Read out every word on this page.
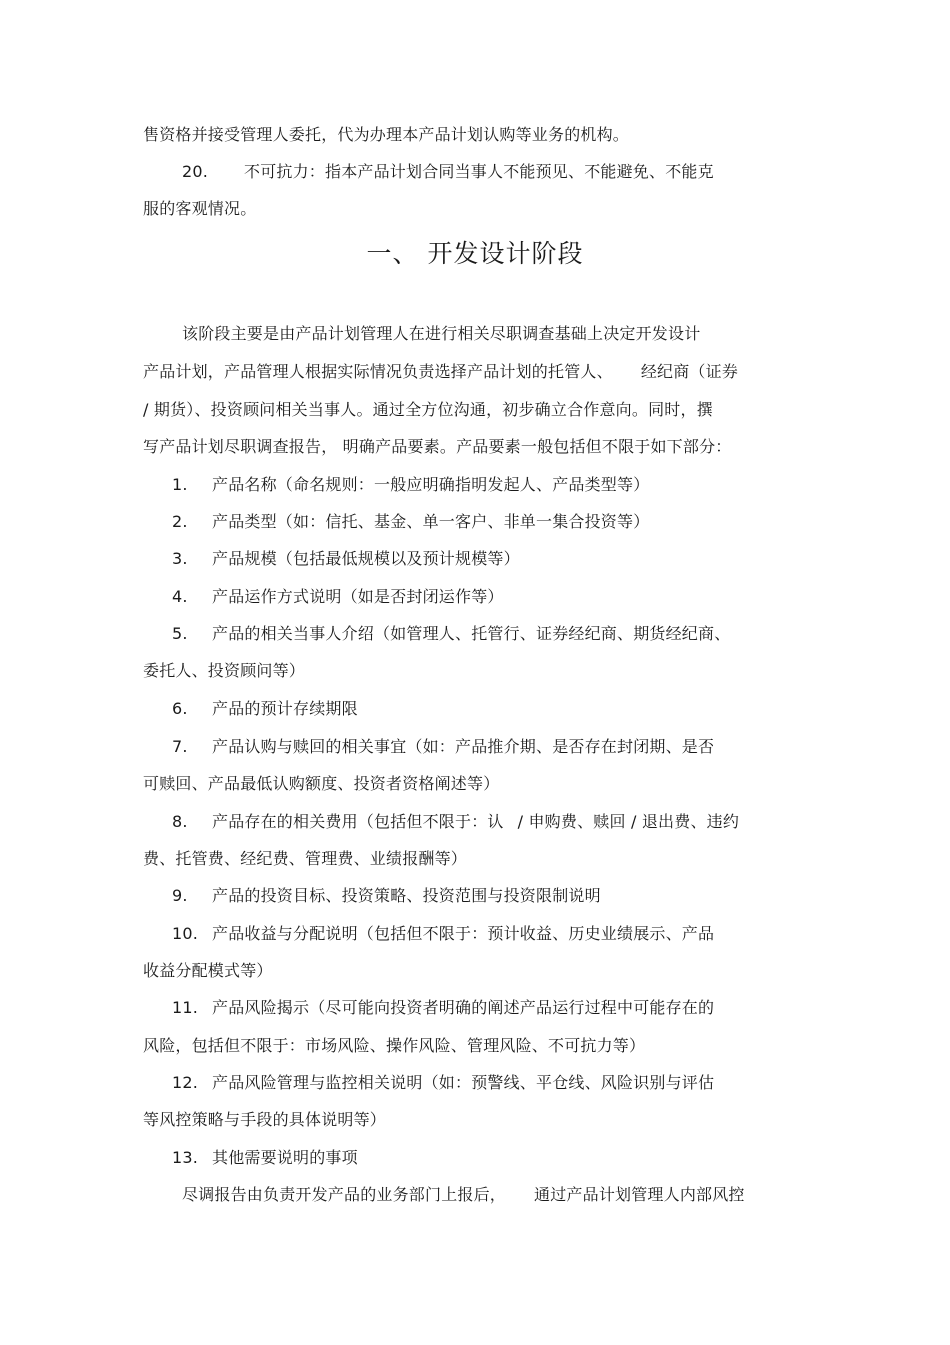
售资格并接受管理人委托，代为办理本产品计划认购等业务的机构。
20. 不可抗力：指本产品计划合同当事人不能预见、不能避免、不能克
服的客观情况。
一、 开发设计阶段
该阶段主要是由产品计划管理人在进行相关尽职调查基础上决定开发设计
产品计划，产品管理人根据实际情况负责选择产品计划的托管人、 经纪商（证券
/ 期货）、投资顾问相关当事人。通过全方位沟通，初步确立合作意向。同时，撰
写产品计划尽职调查报告， 明确产品要素。产品要素一般包括但不限于如下部分：
1. 产品名称（命名规则：一般应明确指明发起人、产品类型等）
2. 产品类型（如：信托、基金、单一客户、非单一集合投资等）
3. 产品规模（包括最低规模以及预计规模等）
4. 产品运作方式说明（如是否封闭运作等）
5. 产品的相关当事人介绍（如管理人、托管行、证券经纪商、期货经纪商、
委托人、投资顾问等）
6. 产品的预计存续期限
7. 产品认购与赎回的相关事宜（如：产品推介期、是否存在封闭期、是否
可赎回、产品最低认购额度、投资者资格阐述等）
8. 产品存在的相关费用（包括但不限于：认 / 申购费、赎回 / 退出费、违约
费、托管费、经纪费、管理费、业绩报酬等）
9. 产品的投资目标、投资策略、投资范围与投资限制说明
10. 产品收益与分配说明（包括但不限于：预计收益、历史业绩展示、产品
收益分配模式等）
11. 产品风险揭示（尽可能向投资者明确的阐述产品运行过程中可能存在的
风险，包括但不限于：市场风险、操作风险、管理风险、不可抗力等）
12. 产品风险管理与监控相关说明（如：预警线、平仓线、风险识别与评估
等风控策略与手段的具体说明等）
13. 其他需要说明的事项
尽调报告由负责开发产品的业务部门上报后， 通过产品计划管理人内部风控
